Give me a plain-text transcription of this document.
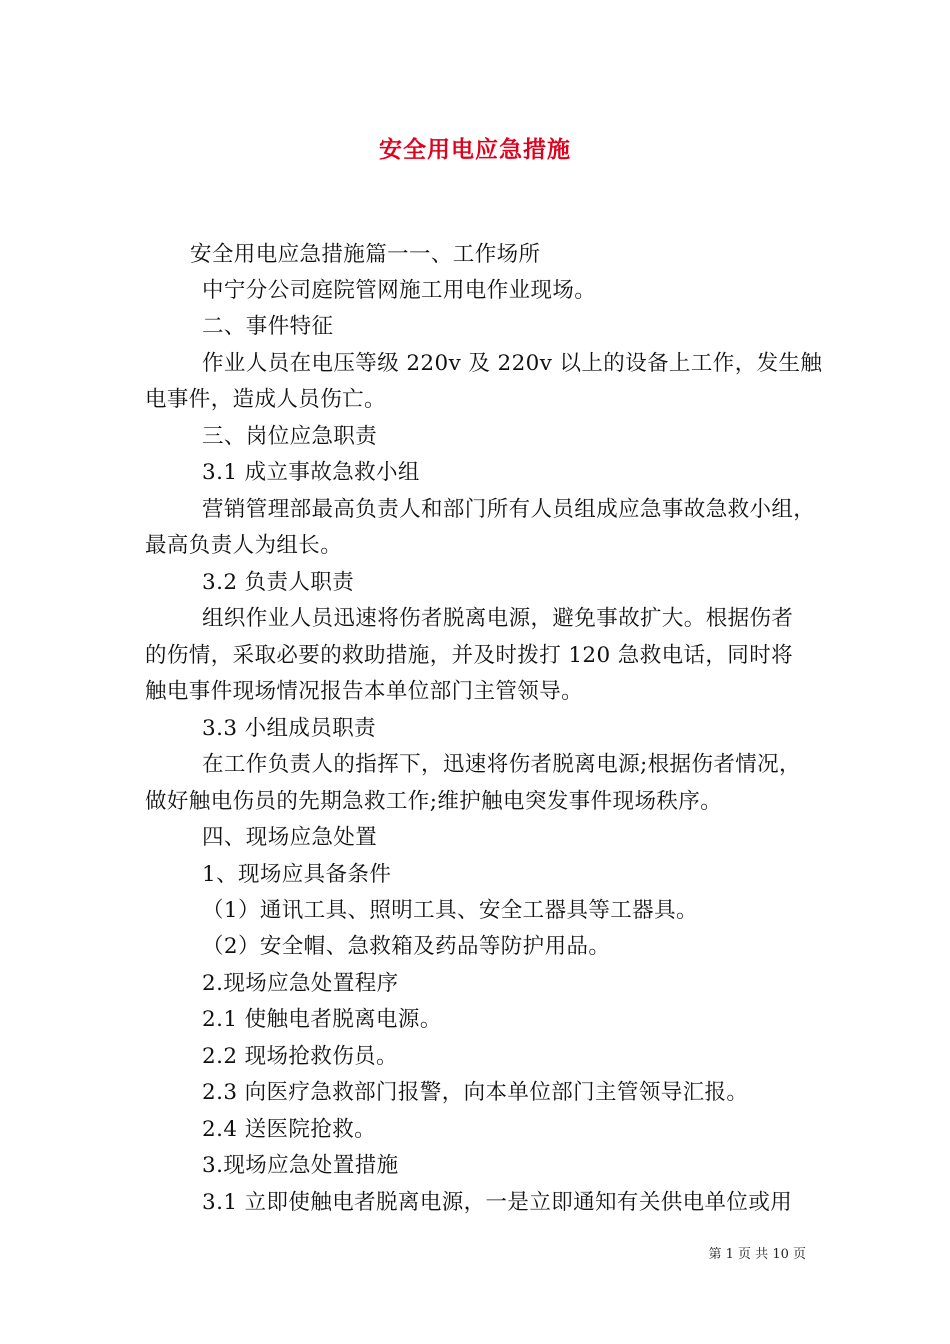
安全用电应急措施
安全用电应急措施篇一一、工作场所
中宁分公司庭院管网施工用电作业现场。
二、事件特征
作业人员在电压等级 220v 及 220v 以上的设备上工作，发生触
电事件，造成人员伤亡。
三、岗位应急职责
3.1 成立事故急救小组
营销管理部最高负责人和部门所有人员组成应急事故急救小组，
最高负责人为组长。
3.2 负责人职责
组织作业人员迅速将伤者脱离电源，避免事故扩大。根据伤者
的伤情，采取必要的救助措施，并及时拨打 120 急救电话，同时将
触电事件现场情况报告本单位部门主管领导。
3.3 小组成员职责
在工作负责人的指挥下，迅速将伤者脱离电源;根据伤者情况，
做好触电伤员的先期急救工作;维护触电突发事件现场秩序。
四、现场应急处置
1、现场应具备条件
（1）通讯工具、照明工具、安全工器具等工器具。
（2）安全帽、急救箱及药品等防护用品。
2.现场应急处置程序
2.1 使触电者脱离电源。
2.2 现场抢救伤员。
2.3 向医疗急救部门报警，向本单位部门主管领导汇报。
2.4 送医院抢救。
3.现场应急处置措施
3.1 立即使触电者脱离电源，一是立即通知有关供电单位或用
第 1 页 共 10 页
